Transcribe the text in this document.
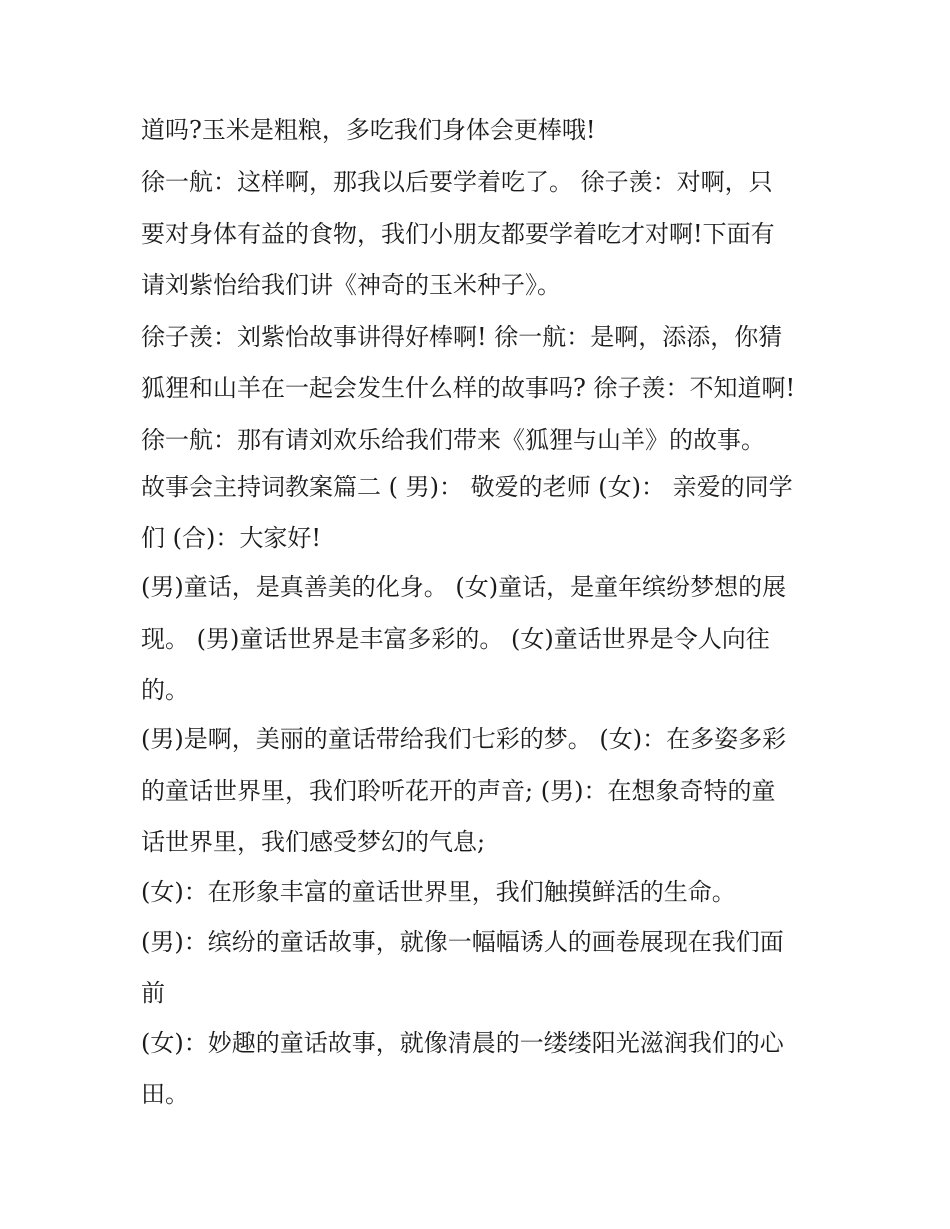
道吗?玉米是粗粮，多吃我们身体会更棒哦!

徐一航：这样啊，那我以后要学着吃了。 徐子羡：对啊，只

要对身体有益的食物，我们小朋友都要学着吃才对啊!下面有

请刘紫怡给我们讲《神奇的玉米种子》。

徐子羡：刘紫怡故事讲得好棒啊! 徐一航：是啊，添添，你猜

狐狸和山羊在一起会发生什么样的故事吗? 徐子羡：不知道啊!

徐一航：那有请刘欢乐给我们带来《狐狸与山羊》的故事。

故事会主持词教案篇二 ( 男)： 敬爱的老师 (女)： 亲爱的同学

们 (合)：大家好!

(男)童话，是真善美的化身。 (女)童话，是童年缤纷梦想的展

现。 (男)童话世界是丰富多彩的。 (女)童话世界是令人向往

的。

(男)是啊，美丽的童话带给我们七彩的梦。 (女)：在多姿多彩

的童话世界里，我们聆听花开的声音; (男)：在想象奇特的童

话世界里，我们感受梦幻的气息;

(女)：在形象丰富的童话世界里，我们触摸鲜活的生命。

(男)：缤纷的童话故事，就像一幅幅诱人的画卷展现在我们面

前

(女)：妙趣的童话故事，就像清晨的一缕缕阳光滋润我们的心

田。
